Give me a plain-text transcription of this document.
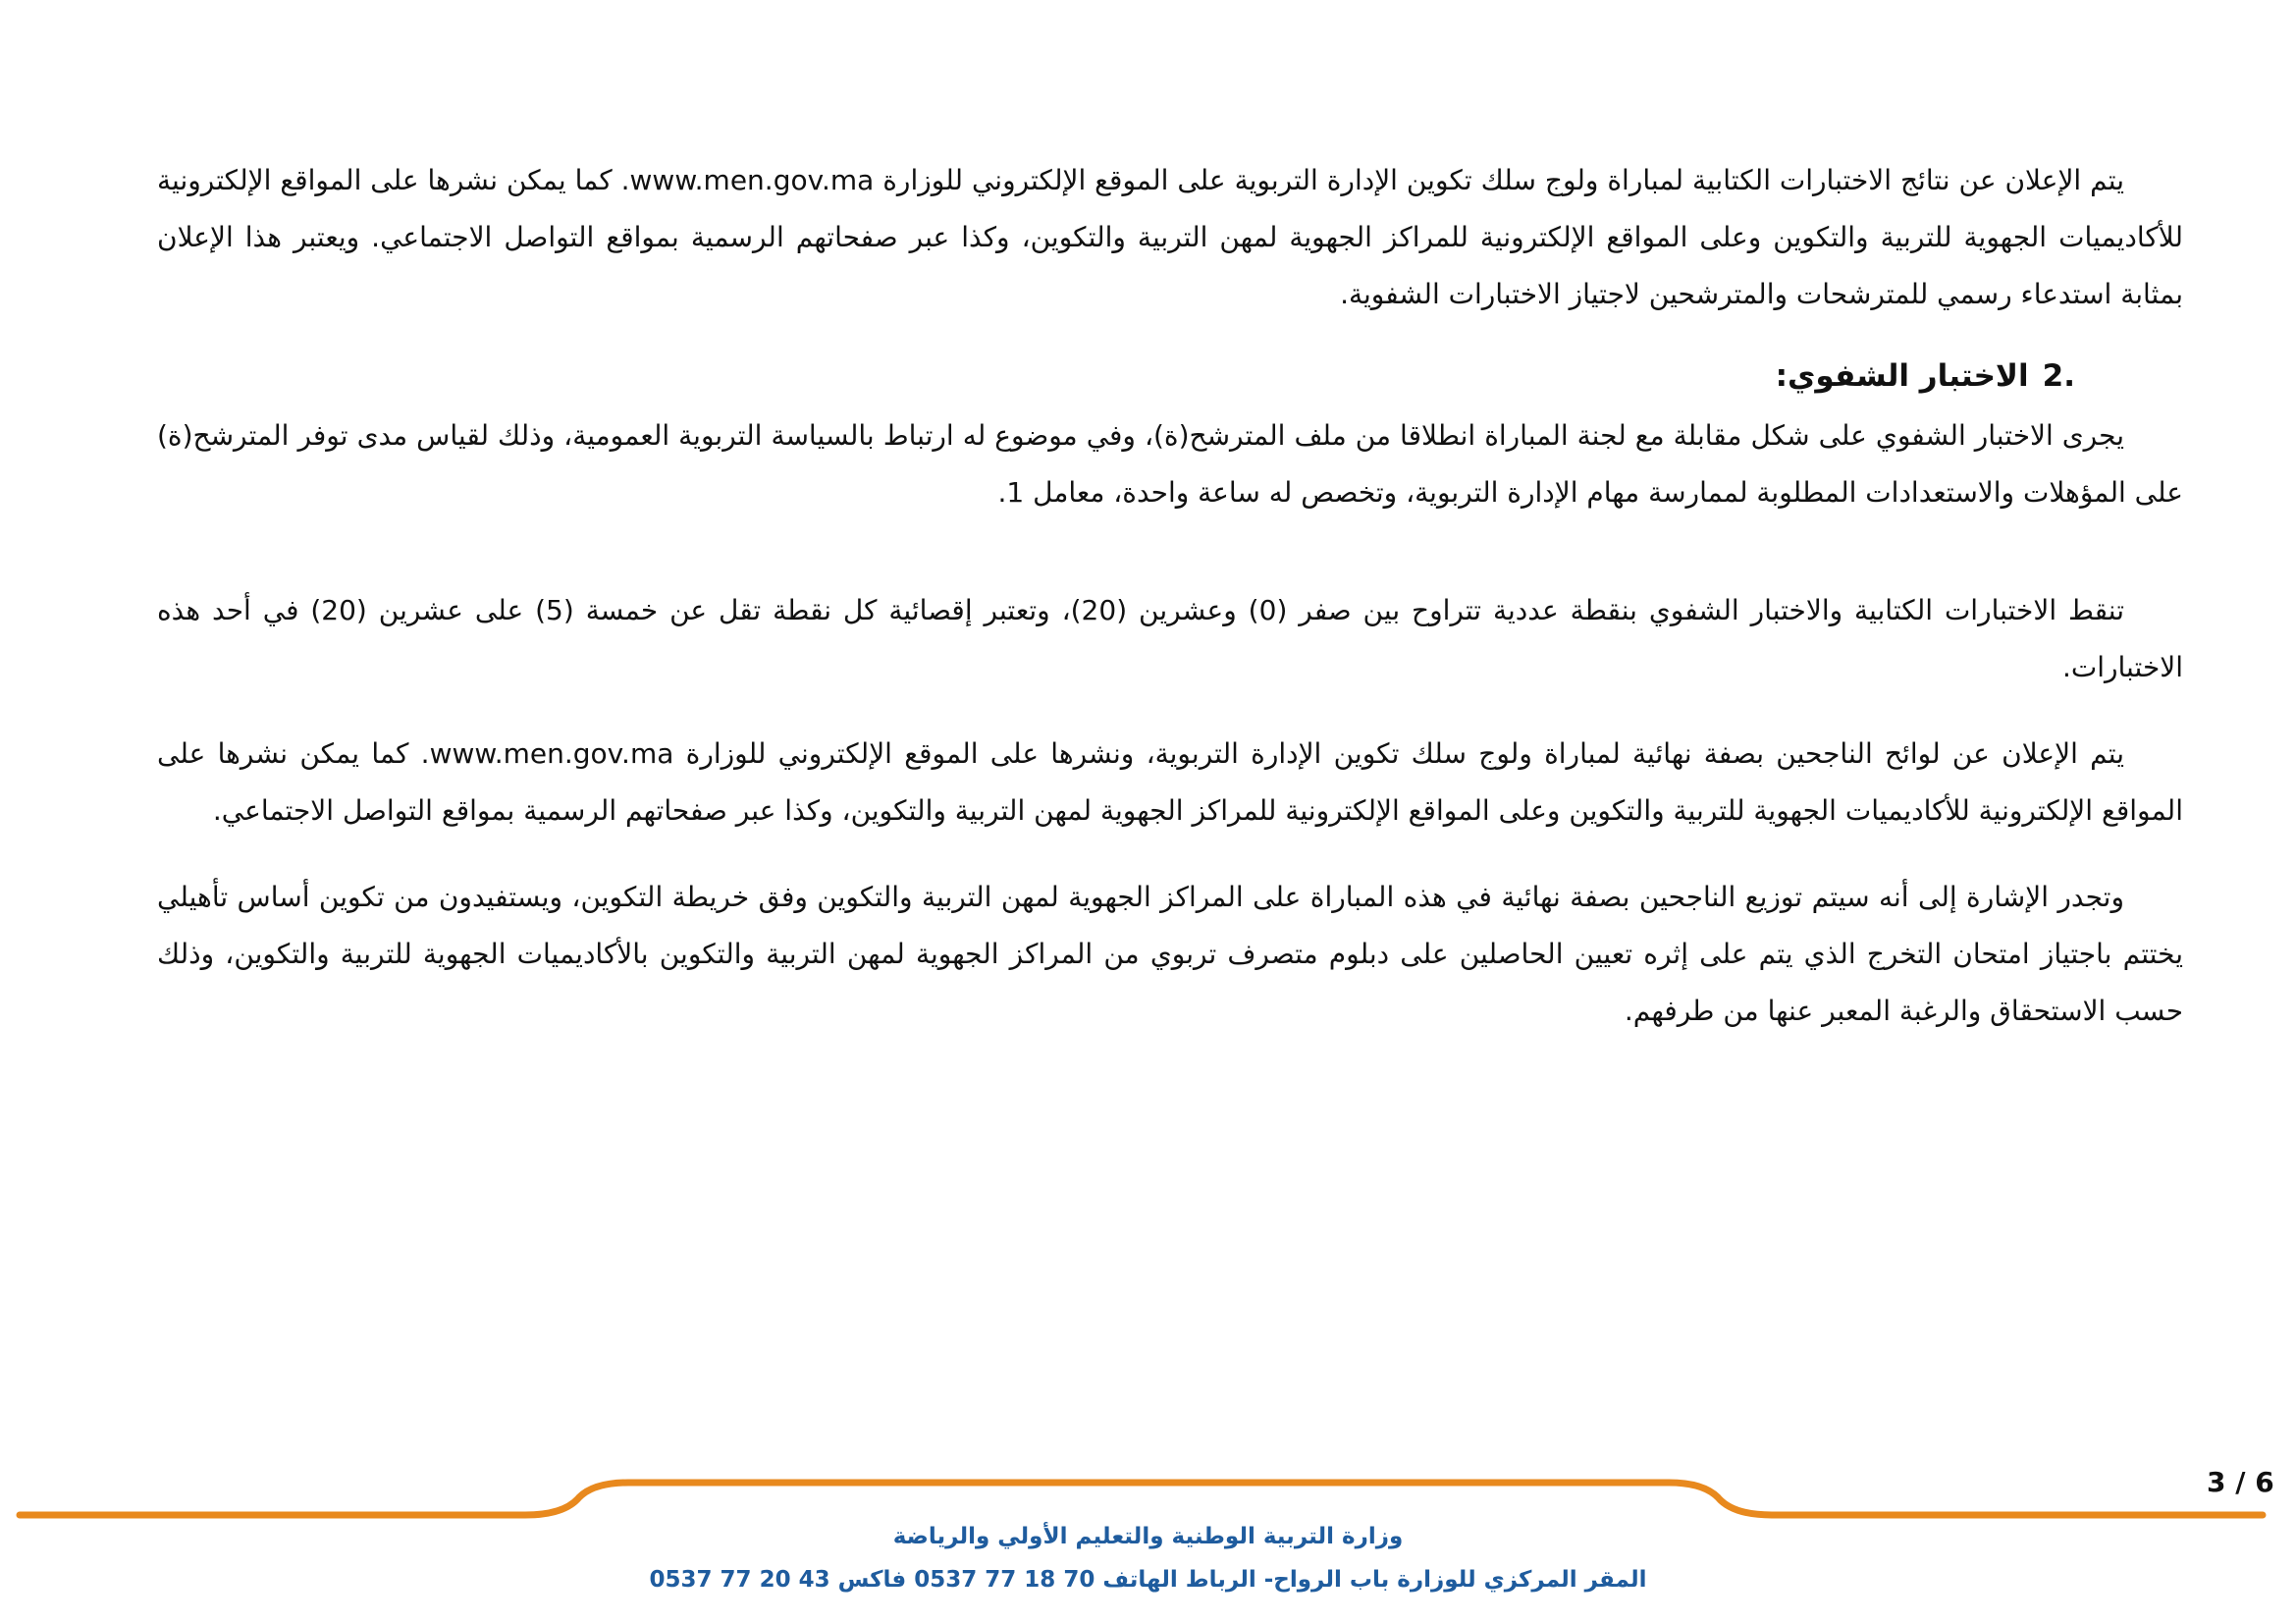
يتم الإعلان عن نتائج الاختبارات الكتابية لمباراة ولوج سلك تكوين الإدارة التربوية على الموقع الإلكتروني للوزارة www.men.gov.ma. كما يمكن نشرها على المواقع الإلكترونية للأكاديميات الجهوية للتربية والتكوين وعلى المواقع الإلكترونية للمراكز الجهوية لمهن التربية والتكوين، وكذا عبر صفحاتهم الرسمية بمواقع التواصل الاجتماعي. ويعتبر هذا الإعلان بمثابة استدعاء رسمي للمترشحات والمترشحين لاجتياز الاختبارات الشفوية.

2.
الاختبار الشفوي:

يجرى الاختبار الشفوي على شكل مقابلة مع لجنة المباراة انطلاقا من ملف المترشح(ة)، وفي موضوع له ارتباط بالسياسة التربوية العمومية، وذلك لقياس مدى توفر المترشح(ة) على المؤهلات والاستعدادات المطلوبة لممارسة مهام الإدارة التربوية، وتخصص له ساعة واحدة، معامل 1.

تنقط الاختبارات الكتابية والاختبار الشفوي بنقطة عددية تتراوح بين صفر (0) وعشرين (20)، وتعتبر إقصائية كل نقطة تقل عن خمسة (5) على عشرين (20) في أحد هذه الاختبارات.

يتم الإعلان عن لوائح الناجحين بصفة نهائية لمباراة ولوج سلك تكوين الإدارة التربوية، ونشرها على الموقع الإلكتروني للوزارة www.men.gov.ma. كما يمكن نشرها على المواقع الإلكترونية للأكاديميات الجهوية للتربية والتكوين وعلى المواقع الإلكترونية للمراكز الجهوية لمهن التربية والتكوين، وكذا عبر صفحاتهم الرسمية بمواقع التواصل الاجتماعي.

وتجدر الإشارة إلى أنه سيتم توزيع الناجحين بصفة نهائية في هذه المباراة على المراكز الجهوية لمهن التربية والتكوين وفق خريطة التكوين، ويستفيدون من تكوين أساس تأهيلي يختتم باجتياز امتحان التخرج الذي يتم على إثره تعيين الحاصلين على دبلوم متصرف تربوي من المراكز الجهوية لمهن التربية والتكوين بالأكاديميات الجهوية للتربية والتكوين، وذلك حسب الاستحقاق والرغبة المعبر عنها من طرفهم.

3 / 6
وزارة التربية الوطنية والتعليم الأولي والرياضة
المقر المركزي للوزارة باب الرواح- الرباط الهاتف 70 18 77 0537 فاكس 43 20 77 0537
